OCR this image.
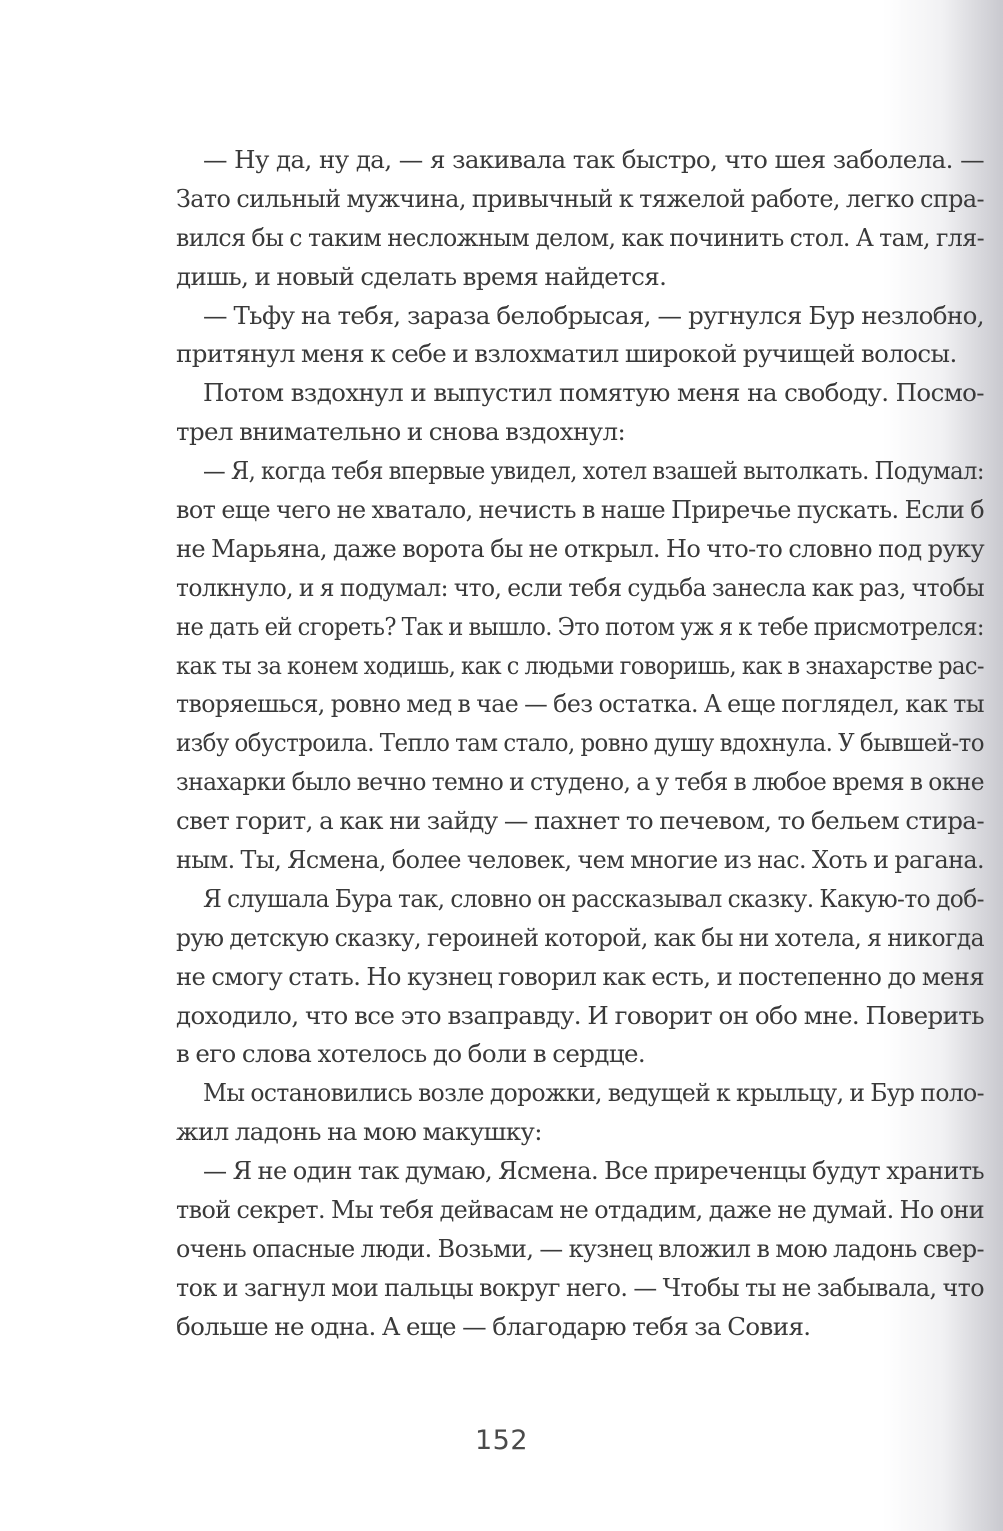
— Ну да, ну да, — я закивала так быстро, что шея заболела. —
Зато сильный мужчина, привычный к тяжелой работе, легко спра-
вился бы с таким несложным делом, как починить стол. А там, гля-
дишь, и новый сделать время найдется.
— Тьфу на тебя, зараза белобрысая, — ругнулся Бур незлобно,
притянул меня к себе и взлохматил широкой ручищей волосы.
Потом вздохнул и выпустил помятую меня на свободу. Посмо-
трел внимательно и снова вздохнул:
— Я, когда тебя впервые увидел, хотел взашей вытолкать. Подумал:
вот еще чего не хватало, нечисть в наше Приречье пускать. Если б
не Марьяна, даже ворота бы не открыл. Но что-то словно под руку
толкнуло, и я подумал: что, если тебя судьба занесла как раз, чтобы
не дать ей сгореть? Так и вышло. Это потом уж я к тебе присмотрелся:
как ты за конем ходишь, как с людьми говоришь, как в знахарстве рас-
творяешься, ровно мед в чае — без остатка. А еще поглядел, как ты
избу обустроила. Тепло там стало, ровно душу вдохнула. У бывшей-то
знахарки было вечно темно и студено, а у тебя в любое время в окне
свет горит, а как ни зайду — пахнет то печевом, то бельем стира-
ным. Ты, Ясмена, более человек, чем многие из нас. Хоть и рагана.
Я слушала Бура так, словно он рассказывал сказку. Какую-то доб-
рую детскую сказку, героиней которой, как бы ни хотела, я никогда
не смогу стать. Но кузнец говорил как есть, и постепенно до меня
доходило, что все это взаправду. И говорит он обо мне. Поверить
в его слова хотелось до боли в сердце.
Мы остановились возле дорожки, ведущей к крыльцу, и Бур поло-
жил ладонь на мою макушку:
— Я не один так думаю, Ясмена. Все приреченцы будут хранить
твой секрет. Мы тебя дейвасам не отдадим, даже не думай. Но они
очень опасные люди. Возьми, — кузнец вложил в мою ладонь свер-
ток и загнул мои пальцы вокруг него. — Чтобы ты не забывала, что
больше не одна. А еще — благодарю тебя за Совия.
152
